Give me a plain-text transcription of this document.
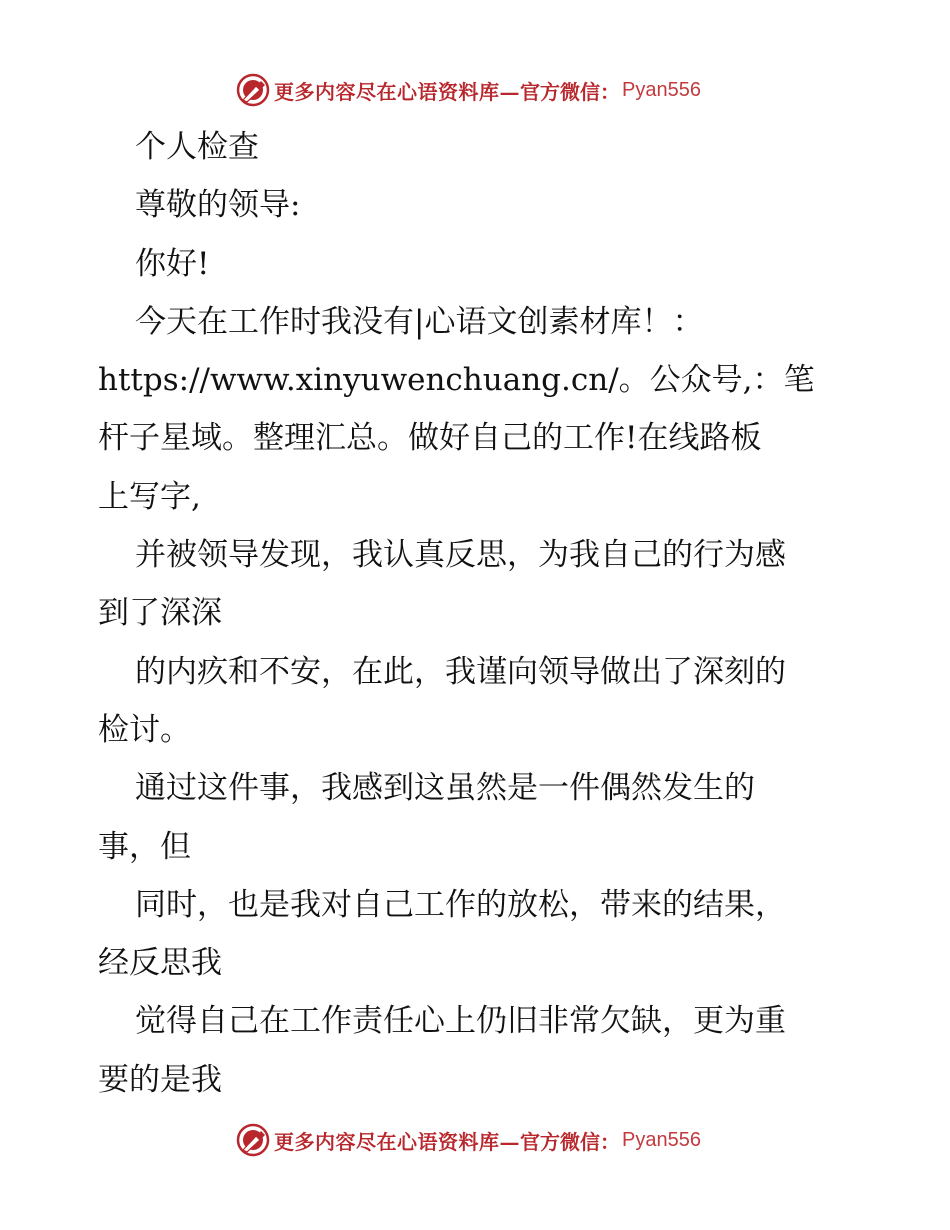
更多内容尽在心语资料库— 官方微信： Pyan556
个人检查
尊敬的领导:
你好!
今天在工作时我没有|心语文创素材库！：
https://www.xinyuwenchuang.cn/。公众号,：笔
杆子星域。整理汇总。做好自己的工作!在线路板
上写字,
并被领导发现，我认真反思，为我自己的行为感
到了深深
的内疚和不安，在此，我谨向领导做出了深刻的
检讨。
通过这件事，我感到这虽然是一件偶然发生的
事，但
同时，也是我对自己工作的放松，带来的结果，
经反思我
觉得自己在工作责任心上仍旧非常欠缺，更为重
要的是我
更多内容尽在心语资料库— 官方微信： Pyan556
